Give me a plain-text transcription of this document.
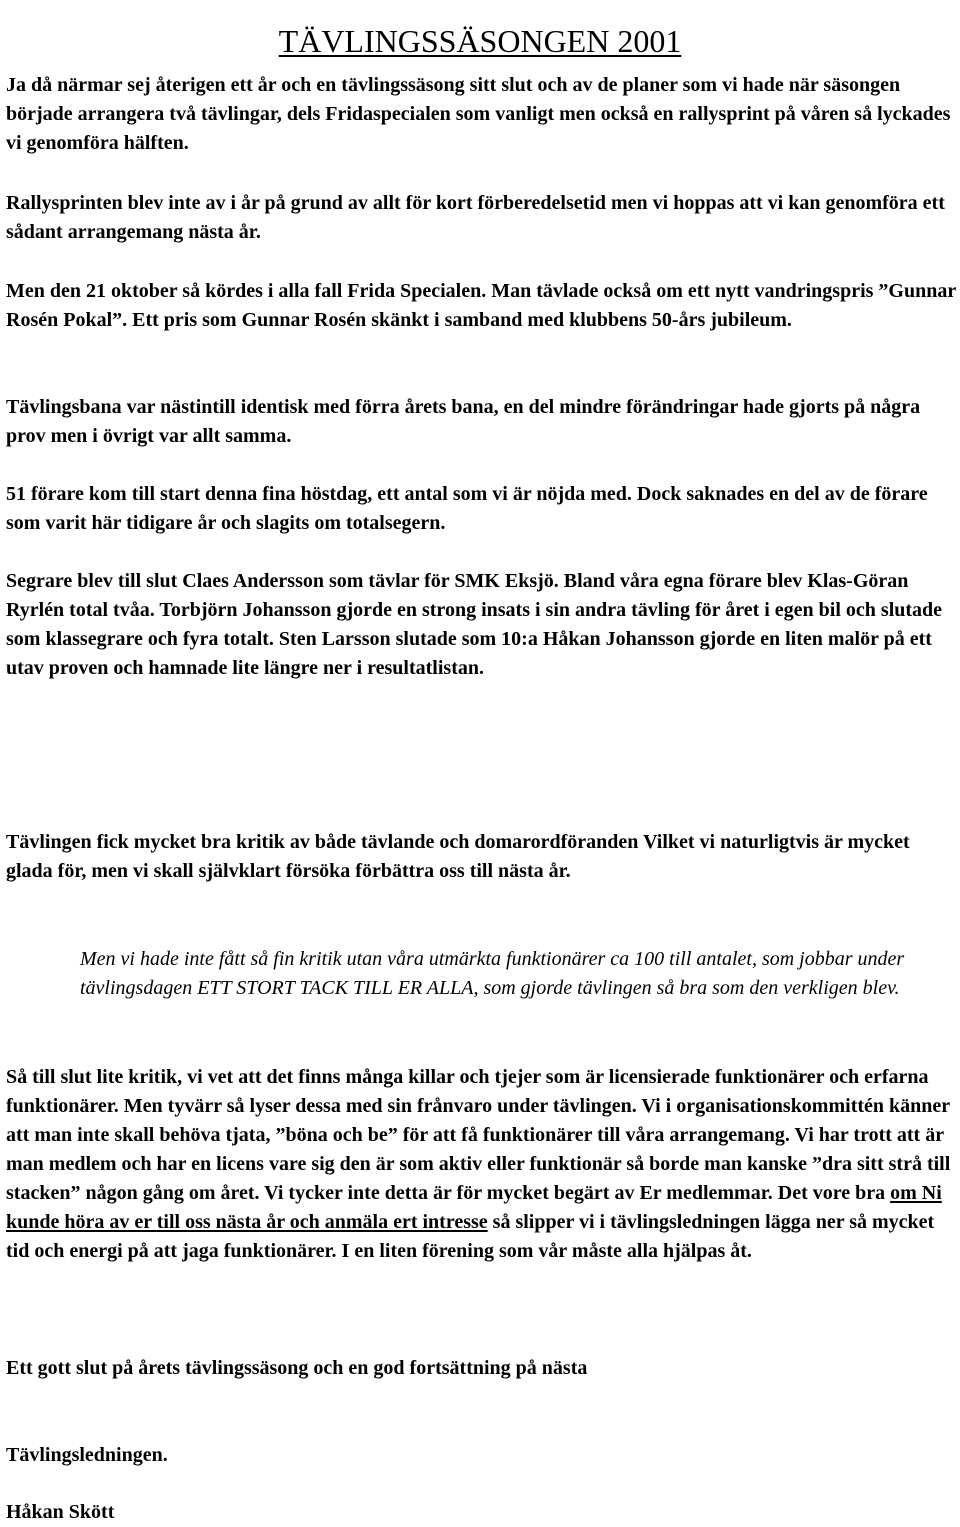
TÄVLINGSSÄSONGEN 2001

Ja då närmar sej återigen ett år och en tävlingssäsong sitt slut och av de planer som vi hade när säsongen började arrangera två tävlingar, dels Fridaspecialen som vanligt men också en rallysprint på våren så lyckades vi genomföra hälften.

Rallysprinten blev inte av i år på grund av allt för kort förberedelsetid men vi hoppas att vi kan genomföra ett sådant arrangemang nästa år.

Men den 21 oktober så kördes i alla fall Frida Specialen. Man tävlade också om ett nytt vandringspris ”Gunnar Rosén Pokal”. Ett pris som Gunnar Rosén skänkt i samband med klubbens 50-års jubileum.

Tävlingsbana var nästintill identisk med förra årets bana, en del mindre förändringar hade gjorts på några prov men i övrigt var allt samma.

51 förare kom till start denna fina höstdag, ett antal som vi är nöjda med. Dock saknades en del av de förare som varit här tidigare år och slagits om totalsegern.

Segrare blev till slut Claes Andersson som tävlar för SMK Eksjö. Bland våra egna förare blev Klas-Göran Ryrlén total tvåa. Torbjörn Johansson gjorde en strong insats i sin andra tävling för året i egen bil och slutade som klassegrare och fyra totalt. Sten Larsson slutade som 10:a Håkan Johansson gjorde en liten malör på ett utav proven och hamnade lite längre ner i resultatlistan.

Tävlingen fick mycket bra kritik av både tävlande och domarordföranden Vilket vi naturligtvis är mycket glada för, men vi skall självklart försöka förbättra oss till nästa år.

Men vi hade inte fått så fin kritik utan våra utmärkta funktionärer ca 100 till antalet, som jobbar under tävlingsdagen ETT STORT TACK TILL ER ALLA, som gjorde tävlingen så bra som den verkligen blev.

Så till slut lite kritik, vi vet att det finns många killar och tjejer som är licensierade funktionärer och erfarna funktionärer. Men tyvärr så lyser dessa med sin frånvaro under tävlingen. Vi i organisationskommittén känner att man inte skall behöva tjata, ”böna och be” för att få funktionärer till våra arrangemang. Vi har trott att är man medlem och har en licens vare sig den är som aktiv eller funktionär så borde man kanske ”dra sitt strå till stacken” någon gång om året. Vi tycker inte detta är för mycket begärt av Er medlemmar. Det vore bra om Ni kunde höra av er till oss nästa år och anmäla ert intresse så slipper vi i tävlingsledningen lägga ner så mycket tid och energi på att jaga funktionärer. I en liten förening som vår måste alla hjälpas åt.

Ett gott slut på årets tävlingssäsong och en god fortsättning på nästa

Tävlingsledningen.

Håkan Skött
